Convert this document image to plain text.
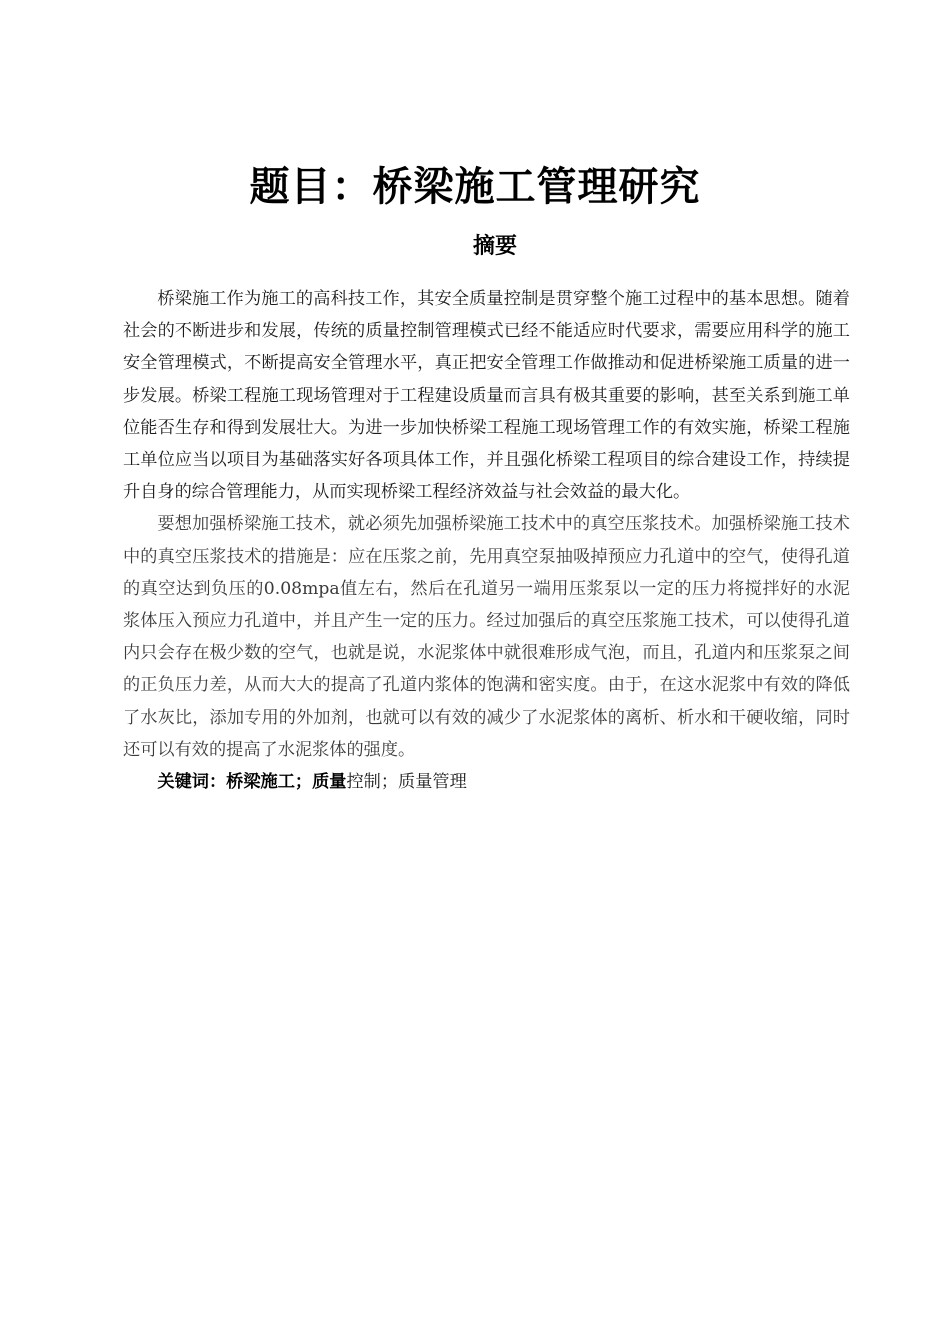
题目：桥梁施工管理研究
摘要

桥梁施工作为施工的高科技工作，其安全质量控制是贯穿整个施工过程中的基本思想。随着社会的不断进步和发展，传统的质量控制管理模式已经不能适应时代要求，需要应用科学的施工安全管理模式，不断提高安全管理水平，真正把安全管理工作做推动和促进桥梁施工质量的进一步发展。桥梁工程施工现场管理对于工程建设质量而言具有极其重要的影响，甚至关系到施工单位能否生存和得到发展壮大。为进一步加快桥梁工程施工现场管理工作的有效实施，桥梁工程施工单位应当以项目为基础落实好各项具体工作，并且强化桥梁工程项目的综合建设工作，持续提升自身的综合管理能力，从而实现桥梁工程经济效益与社会效益的最大化。

要想加强桥梁施工技术，就必须先加强桥梁施工技术中的真空压浆技术。加强桥梁施工技术中的真空压浆技术的措施是：应在压浆之前，先用真空泵抽吸掉预应力孔道中的空气，使得孔道的真空达到负压的0.08mpa值左右，然后在孔道另一端用压浆泵以一定的压力将搅拌好的水泥浆体压入预应力孔道中，并且产生一定的压力。经过加强后的真空压浆施工技术，可以使得孔道内只会存在极少数的空气，也就是说，水泥浆体中就很难形成气泡，而且，孔道内和压浆泵之间的正负压力差，从而大大的提高了孔道内浆体的饱满和密实度。由于，在这水泥浆中有效的降低了水灰比，添加专用的外加剂，也就可以有效的减少了水泥浆体的离析、析水和干硬收缩，同时还可以有效的提高了水泥浆体的强度。

关键词：桥梁施工；质量控制；质量管理
